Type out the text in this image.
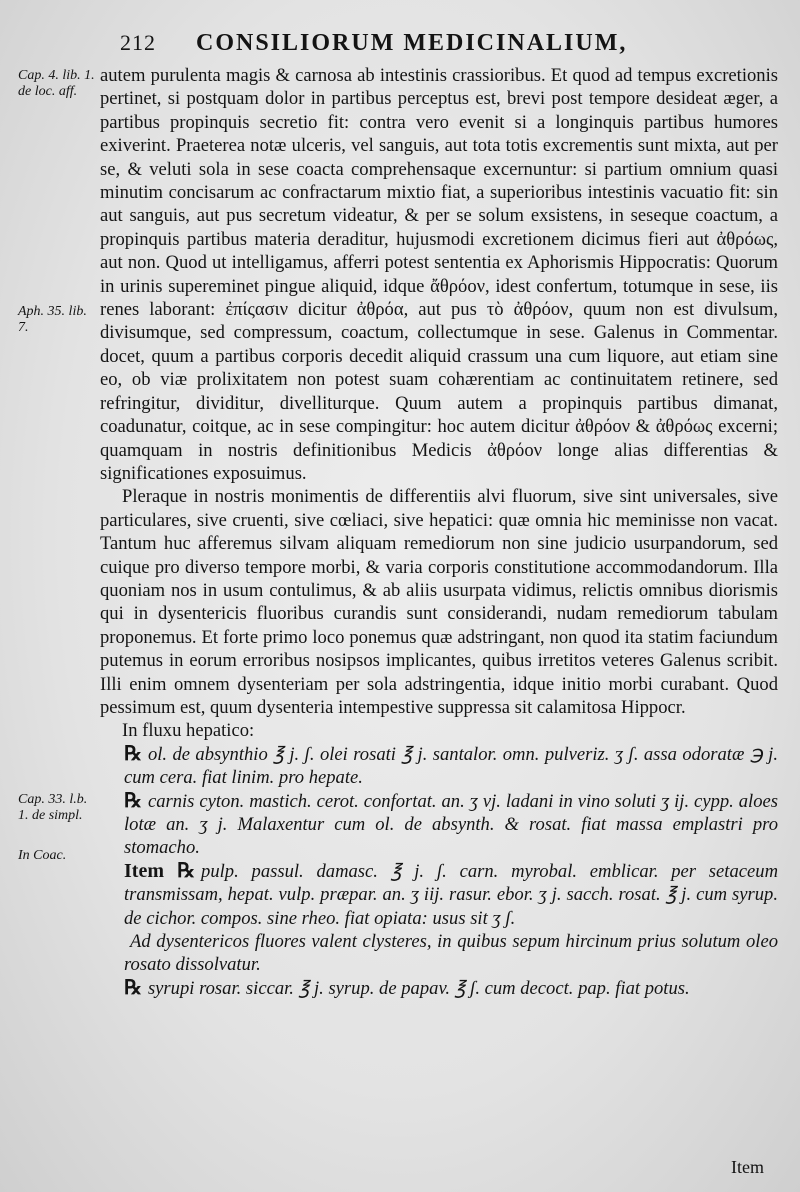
212 CONSILIORUM MEDICINALIUM,
Cap. 4. lib. 1. de loc. aff.
Aph. 35. lib. 7.
Cap. 33. l.b. 1. de simpl.
In Coac.

autem purulenta magis & carnosa ab intestinis crassioribus. Et quod ad tempus excretionis pertinet, si postquam dolor in partibus perceptus est, brevi post tempore desideat æger, a partibus propinquis secretio fit: contra vero evenit si a longinquis partibus humores exiverint. Praeterea notæ ulceris, vel sanguis, aut tota totis excrementis sunt mixta, aut per se, & veluti sola in sese coacta comprehensaque excernuntur: si partium omnium quasi minutim concisarum ac confractarum mixtio fiat, a superioribus intestinis vacuatio fit: sin aut sanguis, aut pus secretum videatur, & per se solum exsistens, in seseque coactum, a propinquis partibus materia deraditur, hujusmodi excretionem dicimus fieri aut ἀθρόως, aut non. Quod ut intelligamus, afferri potest sententia ex Aphorismis Hippocratis: Quorum in urinis supereminet pingue aliquid, idque ἄθρόον, idest confertum, totumque in sese, iis renes laborant: ἐπίςασιν dicitur ἀθρόα, aut pus τὸ ἀθρόον, quum non est divulsum, divisumque, sed compressum, coactum, collectumque in sese. Galenus in Commentar. docet, quum a partibus corporis decedit aliquid crassum una cum liquore, aut etiam sine eo, ob viæ prolixitatem non potest suam cohærentiam ac continuitatem retinere, sed refringitur, dividitur, divelliturque. Quum autem a propinquis partibus dimanat, coadunatur, coitque, ac in sese compingitur: hoc autem dicitur ἀθρόον & ἀθρόως excerni; quamquam in nostris definitionibus Medicis ἀθρόον longe alias differentias & significationes exposuimus.

Pleraque in nostris monimentis de differentiis alvi fluorum, sive sint universales, sive particulares, sive cruenti, sive cœliaci, sive hepatici: quæ omnia hic meminisse non vacat. Tantum huc afferemus silvam aliquam remediorum non sine judicio usurpandorum, sed cuique pro diverso tempore morbi, & varia corporis constitutione accommodandorum. Illa quoniam nos in usum contulimus, & ab aliis usurpata vidimus, relictis omnibus diorismis qui in dysentericis fluoribus curandis sunt considerandi, nudam remediorum tabulam proponemus. Et forte primo loco ponemus quæ adstringant, non quod ita statim faciundum putemus in eorum erroribus nosipsos implicantes, quibus irretitos veteres Galenus scribit. Illi enim omnem dysenteriam per sola adstringentia, idque initio morbi curabant. Quod pessimum est, quum dysenteria intempestive suppressa sit calamitosa Hippocr.

In fluxu hepatico:

℞ ol. de absynthio ℥ j. ʃ. olei rosati ℥ j. santalor. omn. pulveriz. ʒ ʃ. assa odoratæ ℈ j. cum cera. fiat linim. pro hepate.

℞ carnis cyton. mastich. cerot. confortat. an. ʒ vj. ladani in vino soluti ʒ ij. cypp. aloes lotæ an. ʒ j. Malaxentur cum ol. de absynth. & rosat. fiat massa emplastri pro stomacho.

Item ℞ pulp. passul. damasc. ℥ j. ʃ. carn. myrobal. emblicar. per setaceum transmissam, hepat. vulp. præpar. an. ʒ iij. rasur. ebor. ʒ j. sacch. rosat. ℥ j. cum syrup. de cichor. compos. sine rheo. fiat opiata: usus sit ʒ ʃ.

Ad dysentericos fluores valent clysteres, in quibus sepum hircinum prius solutum oleo rosato dissolvatur.

℞ syrupi rosar. siccar. ℥ j. syrup. de papav. ℥ ʃ. cum decoct. pap. fiat potus.

Item
